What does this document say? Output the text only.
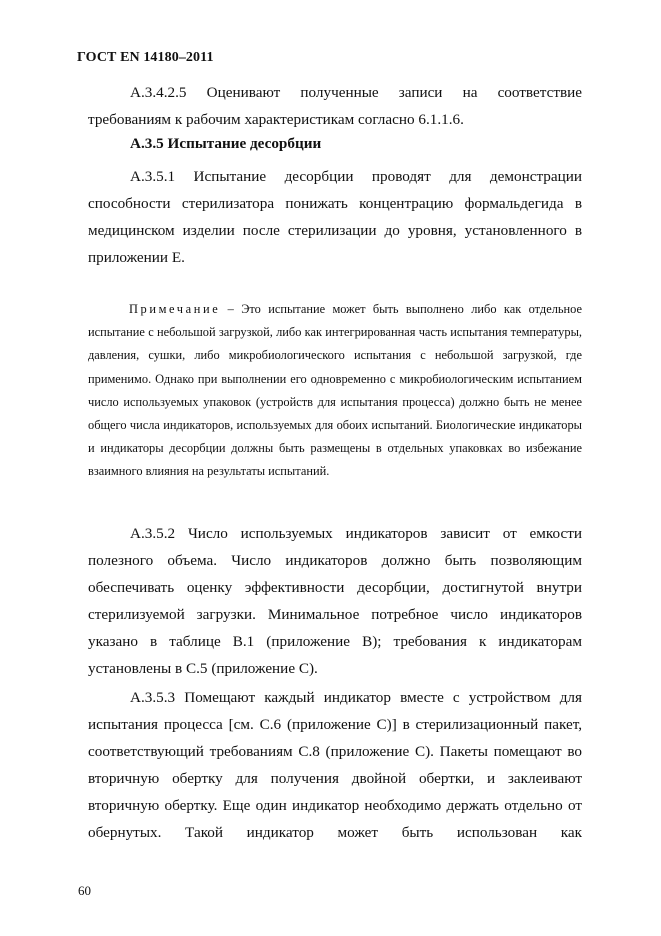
ГОСТ EN 14180–2011
А.3.4.2.5 Оценивают полученные записи на соответствие требованиям к рабочим характеристикам согласно 6.1.1.6.
А.3.5 Испытание десорбции
А.3.5.1 Испытание десорбции проводят для демонстрации способности стерилизатора понижать концентрацию формальдегида в медицинском изделии после стерилизации до уровня, установленного в приложении Е.
Примечание – Это испытание может быть выполнено либо как отдельное испытание с небольшой загрузкой, либо как интегрированная часть испытания температуры, давления, сушки, либо микробиологического испытания с небольшой загрузкой, где применимо. Однако при выполнении его одновременно с микробиологическим испытанием число используемых упаковок (устройств для испытания процесса) должно быть не менее общего числа индикаторов, используемых для обоих испытаний. Биологические индикаторы и индикаторы десорбции должны быть размещены в отдельных упаковках во избежание взаимного влияния на результаты испытаний.
А.3.5.2 Число используемых индикаторов зависит от емкости полезного объема. Число индикаторов должно быть позволяющим обеспечивать оценку эффективности десорбции, достигнутой внутри стерилизуемой загрузки. Минимальное потребное число индикаторов указано в таблице В.1 (приложение В); требования к индикаторам установлены в С.5 (приложение С).
А.3.5.3 Помещают каждый индикатор вместе с устройством для испытания процесса [см. С.6 (приложение С)] в стерилизационный пакет, соответствующий требованиям С.8 (приложение С). Пакеты помещают во вторичную обертку для получения двойной обертки, и заклеивают вторичную обертку. Еще один индикатор необходимо держать отдельно от обернутых. Такой индикатор может быть использован как
60
